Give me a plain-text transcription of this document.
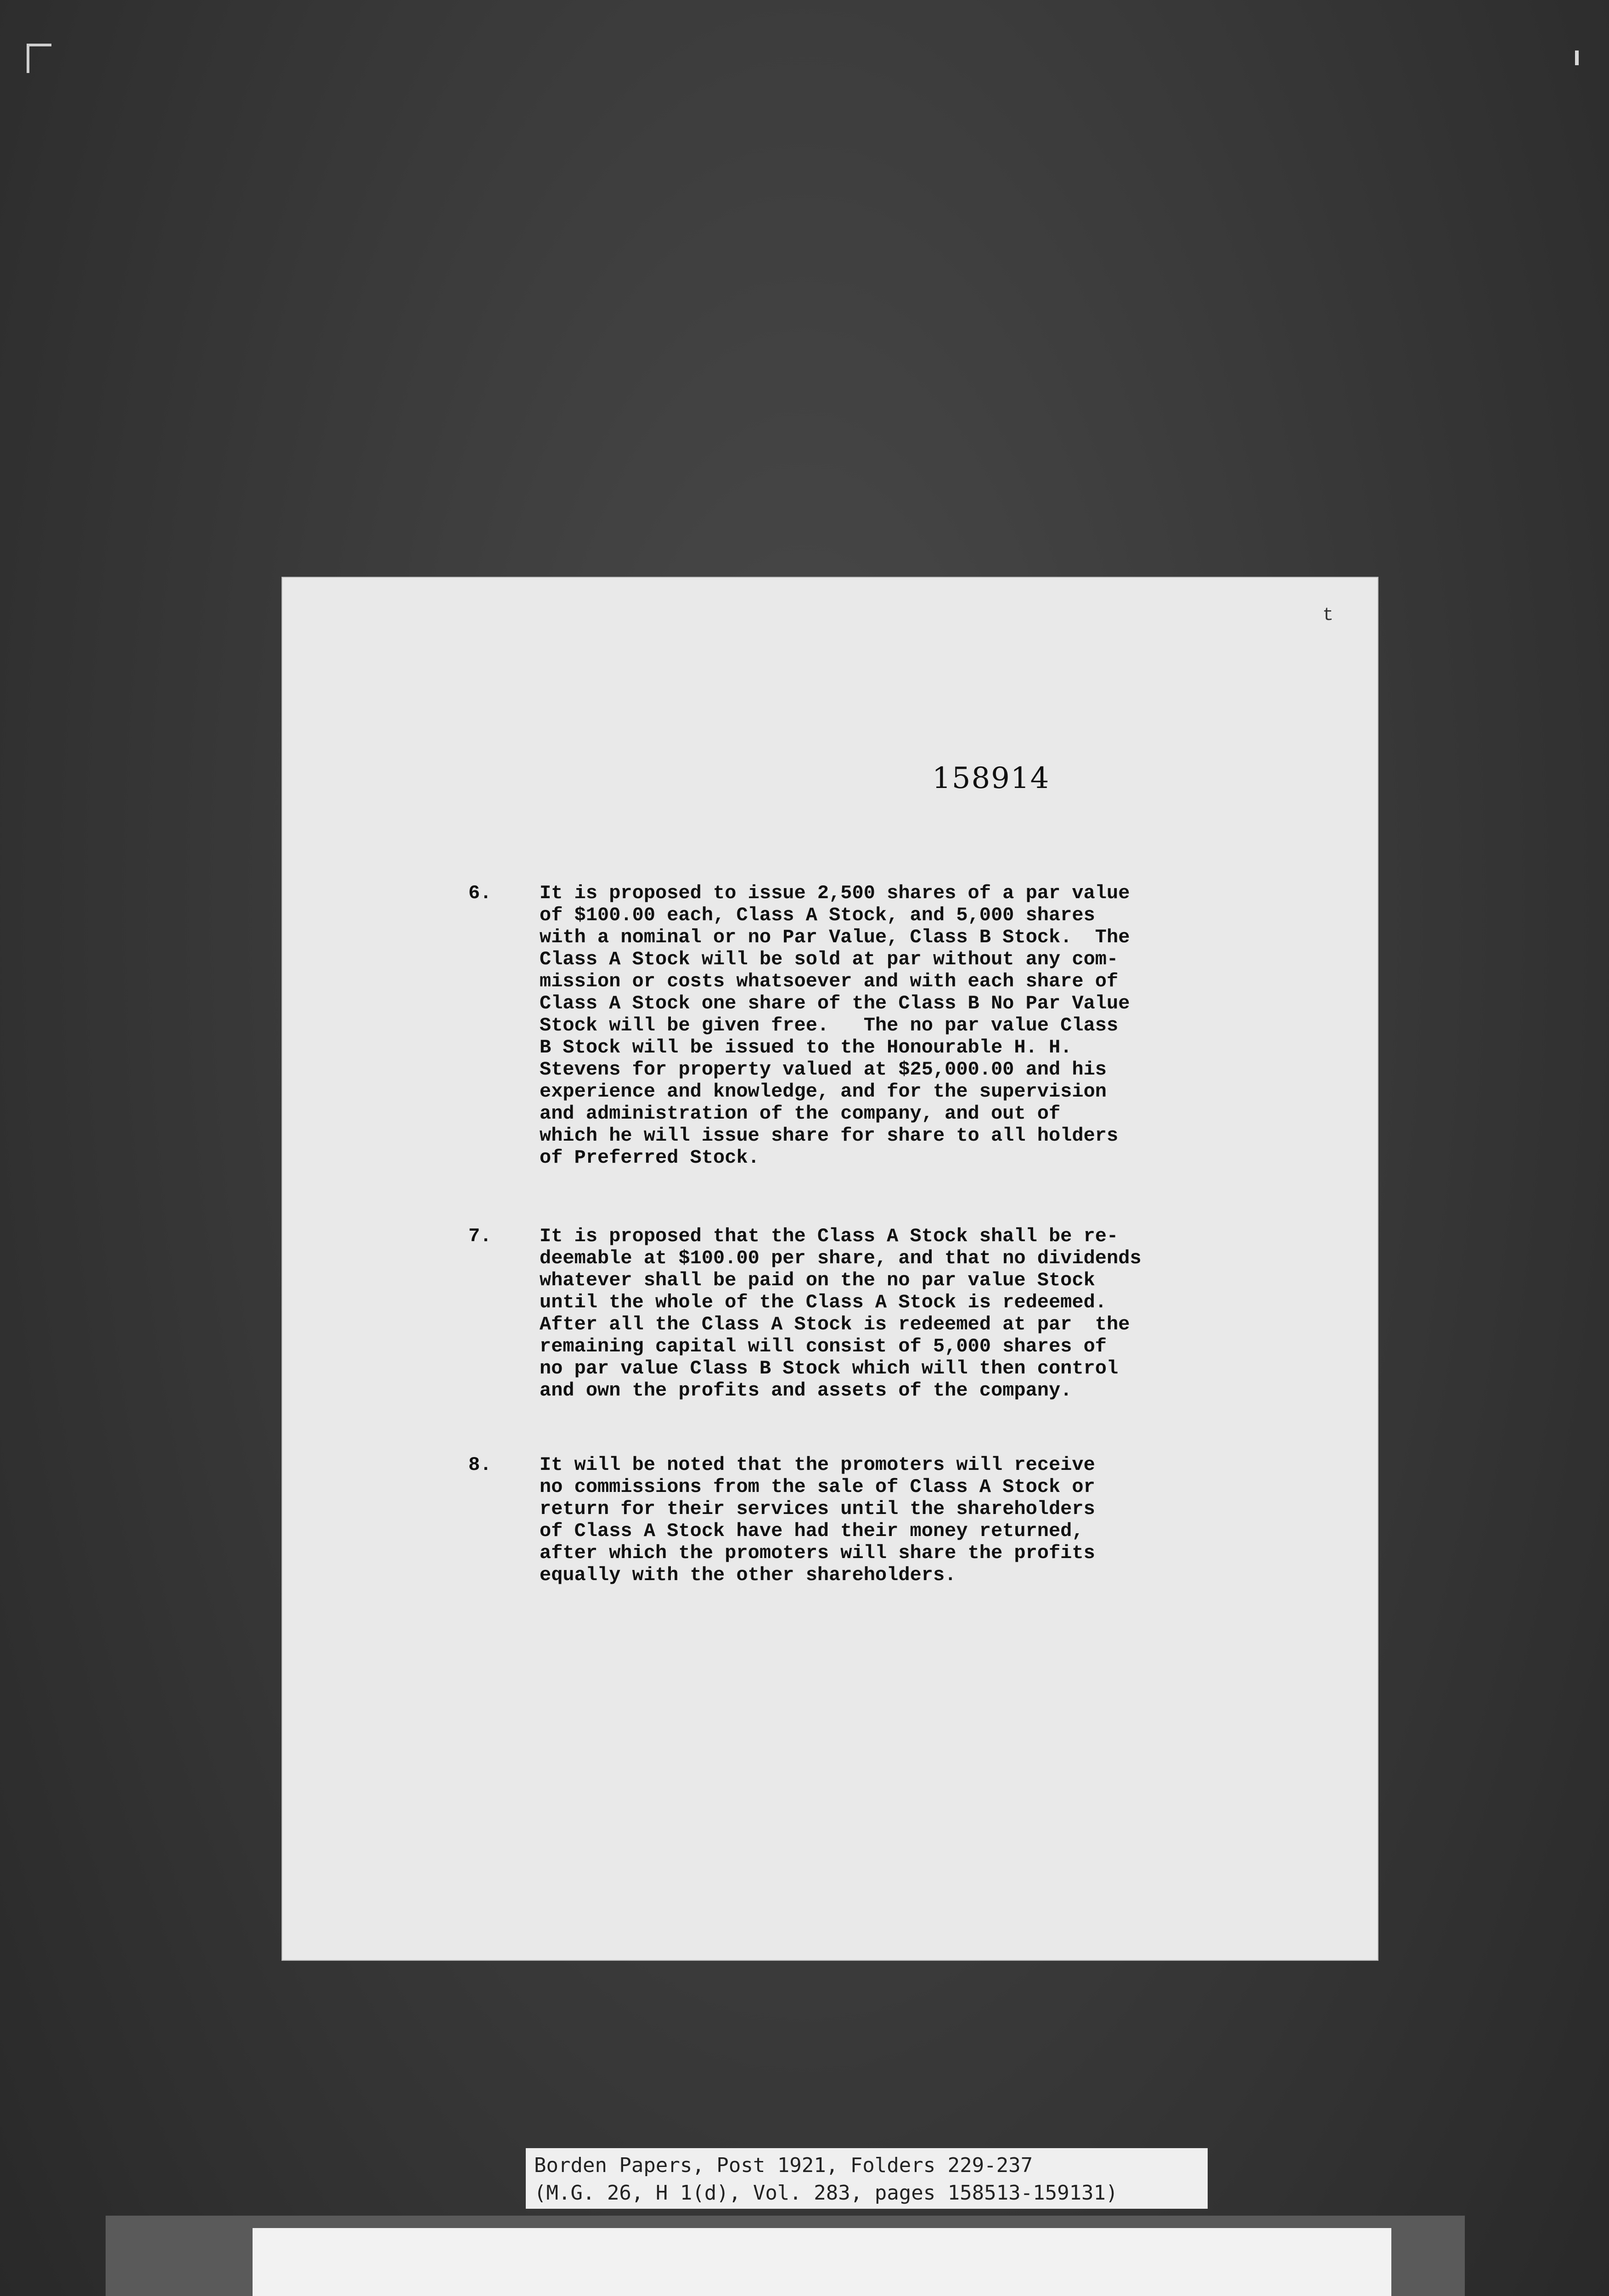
t
158914
6. It is proposed to issue 2,500 shares of a par value
of $100.00 each, Class A Stock, and 5,000 shares
with a nominal or no Par Value, Class B Stock.  The
Class A Stock will be sold at par without any com-
mission or costs whatsoever and with each share of
Class A Stock one share of the Class B No Par Value
Stock will be given free.   The no par value Class
B Stock will be issued to the Honourable H. H.
Stevens for property valued at $25,000.00 and his
experience and knowledge, and for the supervision
and administration of the company, and out of
which he will issue share for share to all holders
of Preferred Stock.
7. It is proposed that the Class A Stock shall be re-
deemable at $100.00 per share, and that no dividends
whatever shall be paid on the no par value Stock
until the whole of the Class A Stock is redeemed.
After all the Class A Stock is redeemed at par  the
remaining capital will consist of 5,000 shares of
no par value Class B Stock which will then control
and own the profits and assets of the company.
8. It will be noted that the promoters will receive
no commissions from the sale of Class A Stock or
return for their services until the shareholders
of Class A Stock have had their money returned,
after which the promoters will share the profits
equally with the other shareholders.
Borden Papers, Post 1921, Folders 229-237
(M.G. 26, H 1(d), Vol. 283, pages 158513-159131)
